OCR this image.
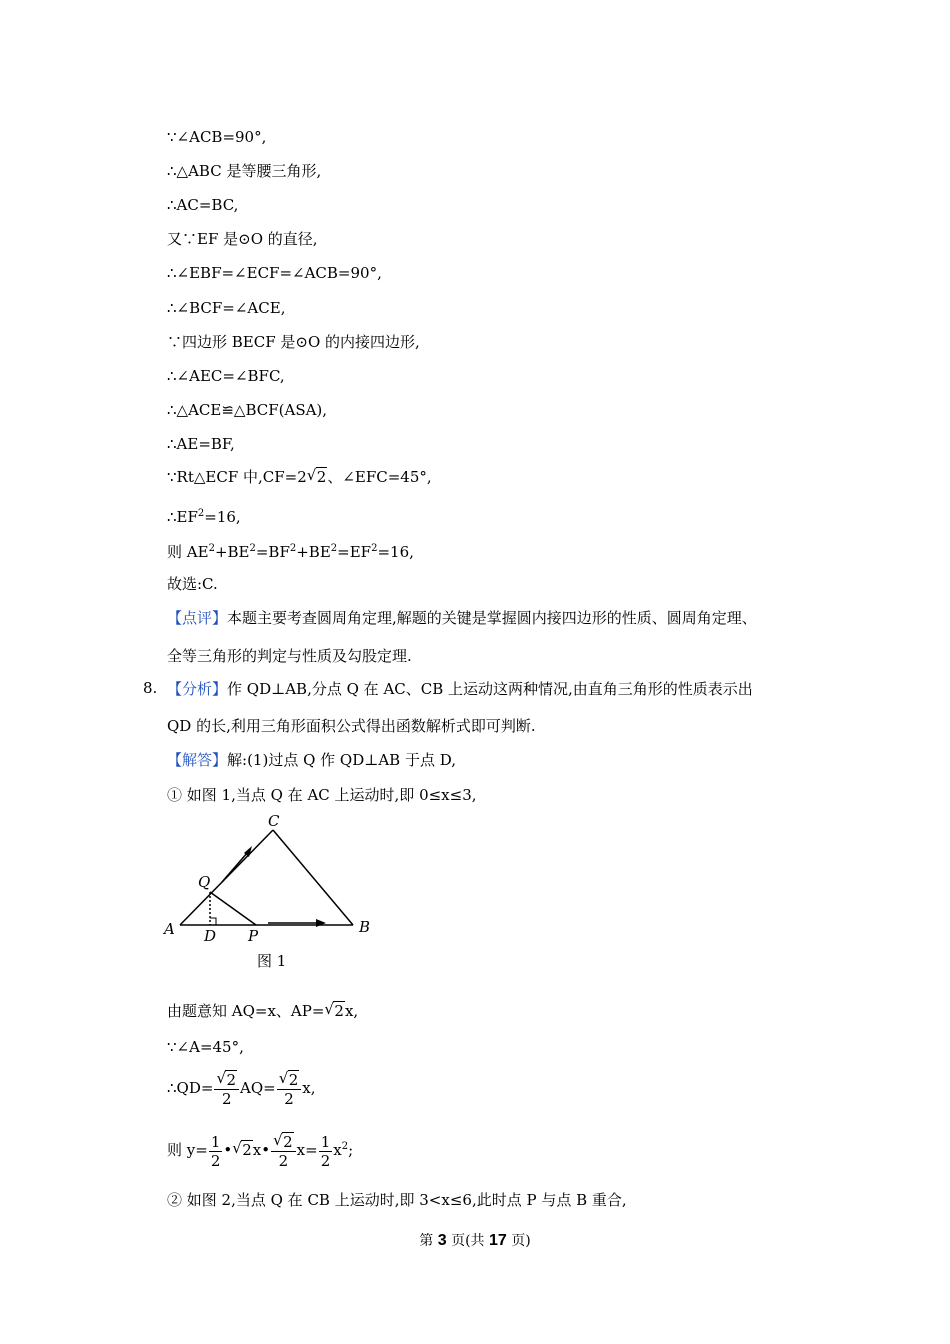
∵∠ACB=90°,
∴△ABC 是等腰三角形,
∴AC=BC,
又∵EF 是⊙O 的直径,
∴∠EBF=∠ECF=∠ACB=90°,
∴∠BCF=∠ACE,
∵四边形 BECF 是⊙O 的内接四边形,
∴∠AEC=∠BFC,
∴△ACE≌△BCF(ASA),
∴AE=BF,
∵Rt△ECF 中,CF=2 √ 2、∠EFC=45°,
$\therefore EF^2=16$,
则 $AE^2+BE^2=BF^2+BE^2=EF^2=16$,
故选:C.
【点评】本题主要考查圆周角定理,解题的关键是掌握圆内接四边形的性质、圆周角定理、
全等三角形的判定与性质及勾股定理.
8. 【分析】作 QD⊥AB,分点 Q 在 AC、CB 上运动这两种情况,由直角三角形的性质表示出
QD 的长,利用三角形面积公式得出函数解析式即可判断.
【解答】解:(1)过点 Q 作 QD⊥AB 于点 D,
① 如图 1,当点 Q 在 AC 上运动时,即 0≤x≤3,
C
Q
A D P	B
图 1
由题意知 AQ=x、AP= √ 2x,
∵∠A=45°,
∴QD= $\frac{√ 2}{2} AQ= \frac{√ 2}{2} x$,
则 $y= \frac{1}{2}$ • √ 2x• $\frac{√ 2}{2} x= \frac{1}{2} x^2$;
② 如图 2,当点 Q 在 CB 上运动时,即 3<x≤6,此时点 P 与点 B 重合,
第 3 页(共 17 页)
